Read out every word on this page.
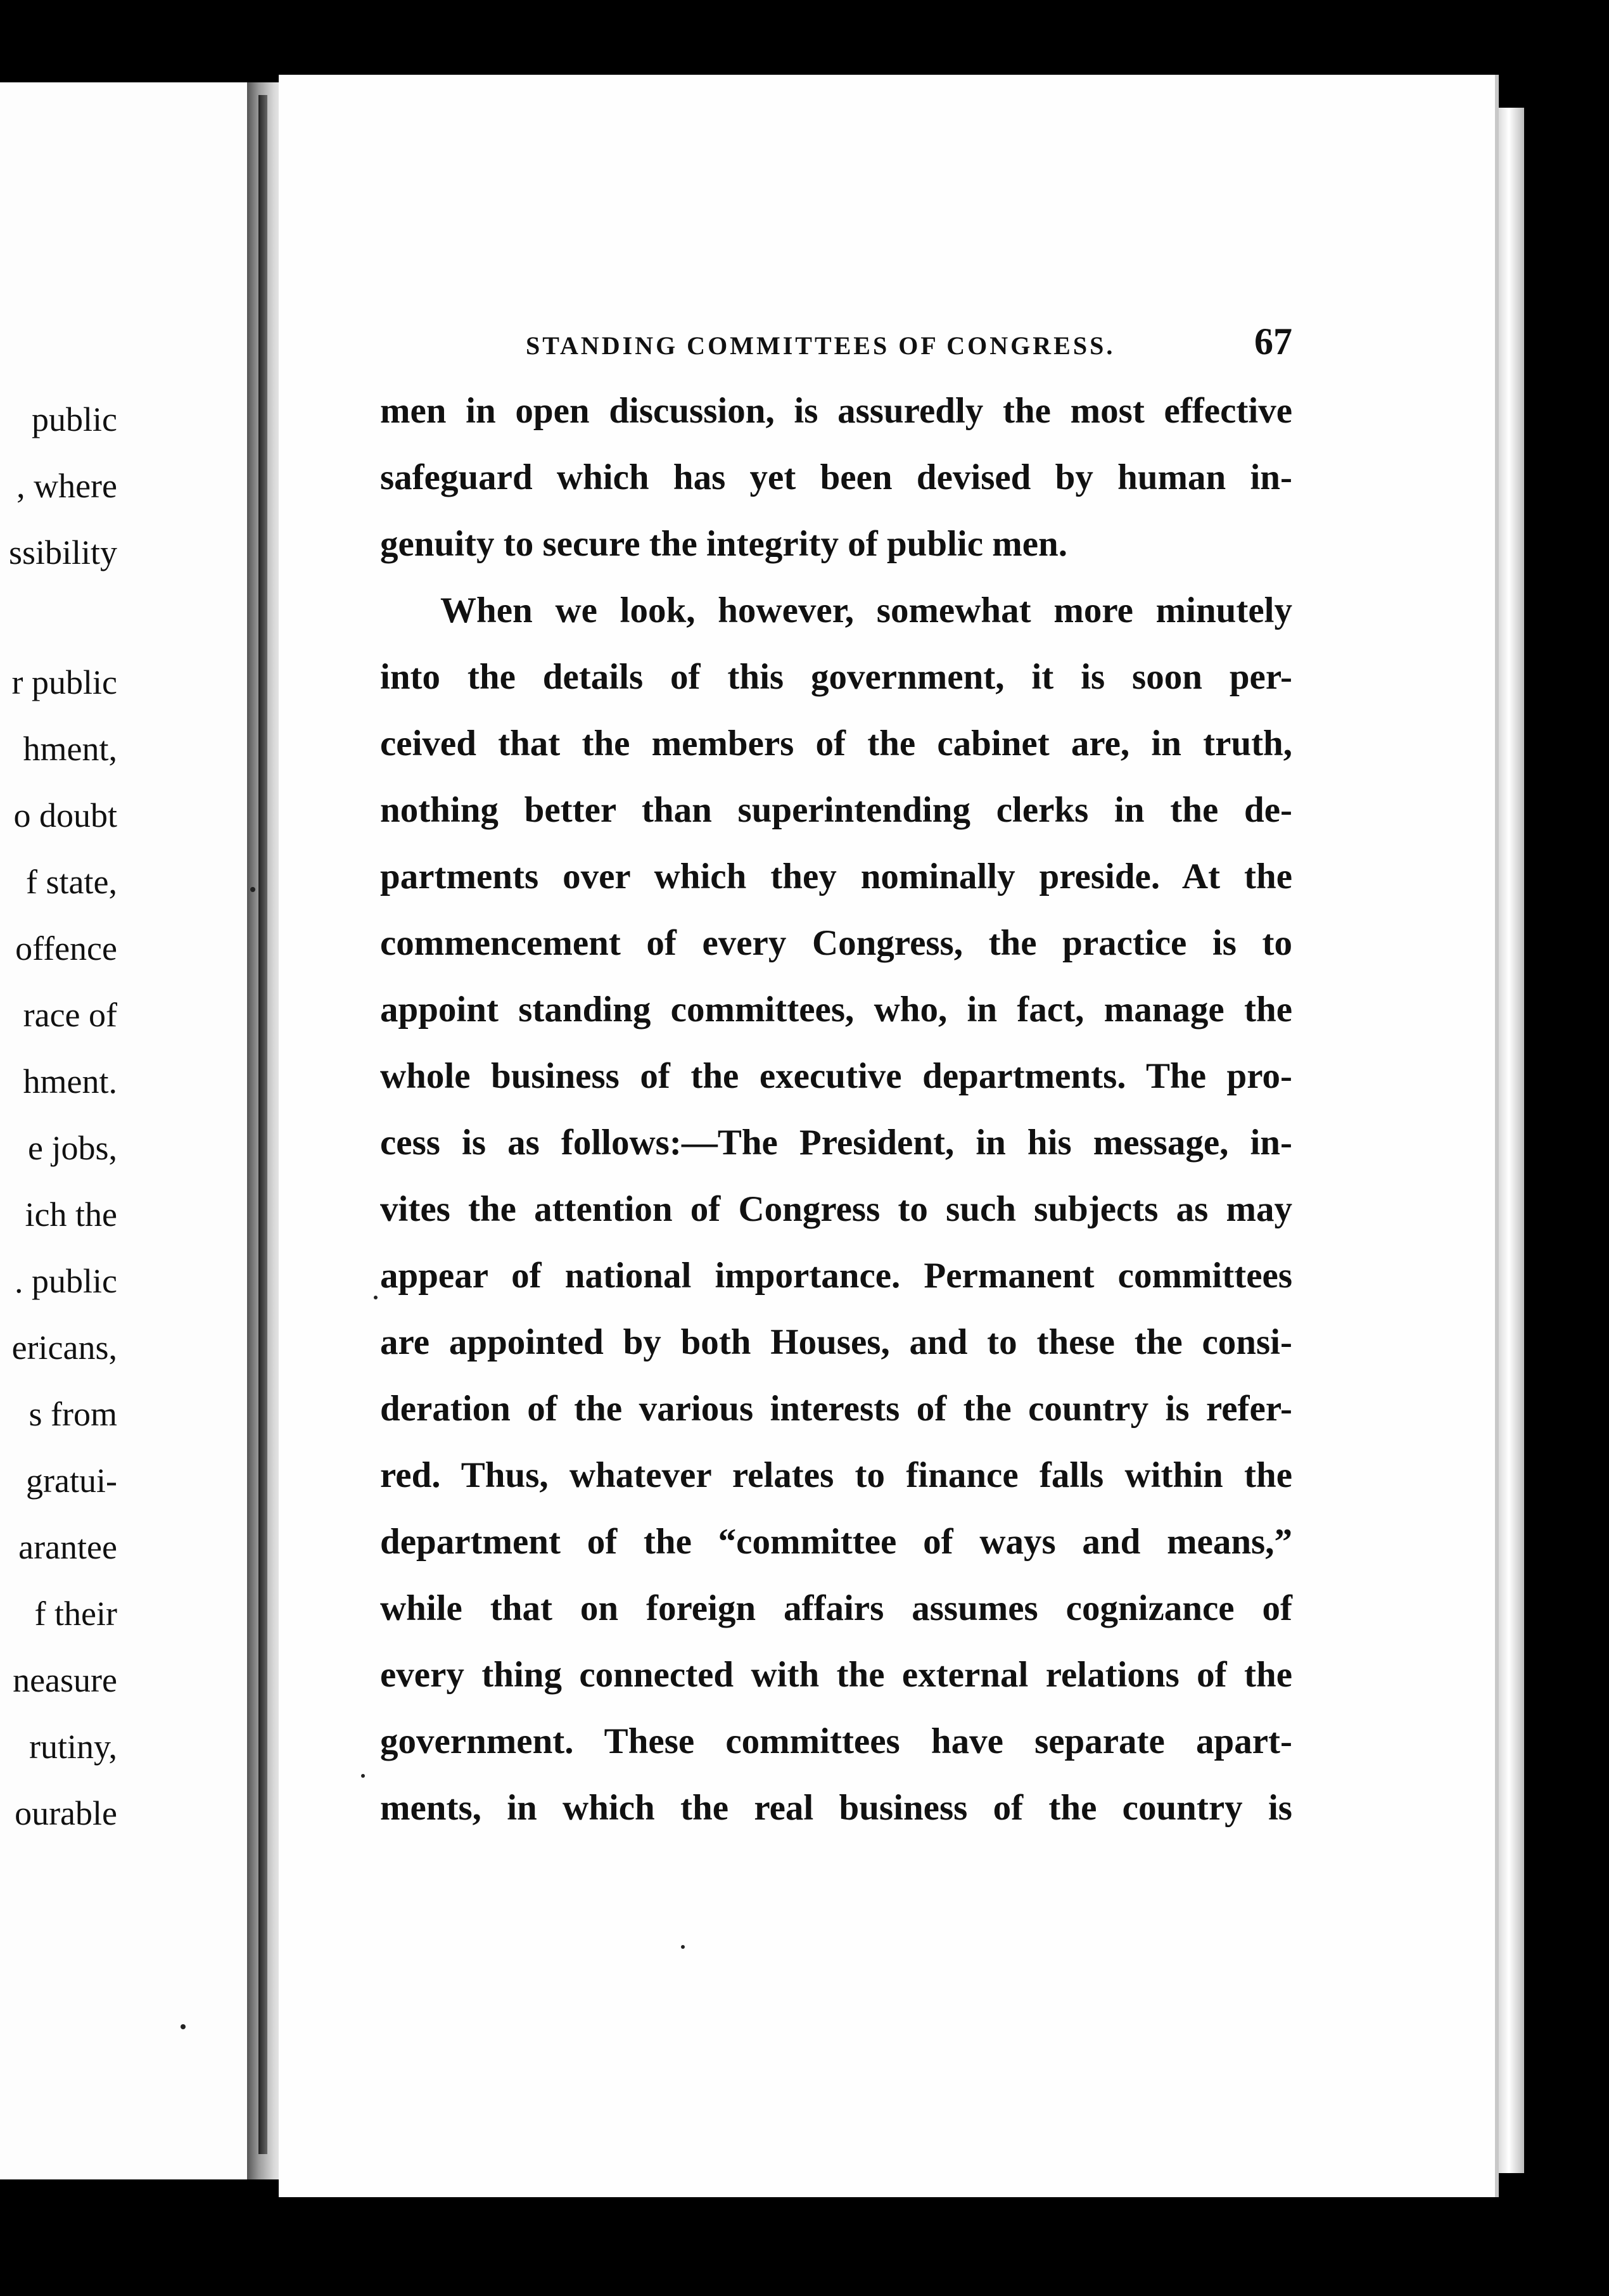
public
, where
ssibility
r public
hment,
o doubt
f state,
offence
race of
hment.
e jobs,
ich the
. public
ericans,
s from
gratui-
arantee
f their
neasure
rutiny,
ourable
STANDING COMMITTEES OF CONGRESS.	67
men in open discussion, is assuredly the most effective
safeguard which has yet been devised by human in-
genuity to secure the integrity of public men.
When we look, however, somewhat more minutely
into the details of this government, it is soon per-
ceived that the members of the cabinet are, in truth,
nothing better than superintending clerks in the de-
partments over which they nominally preside. At the
commencement of every Congress, the practice is to
appoint standing committees, who, in fact, manage the
whole business of the executive departments. The pro-
cess is as follows:—The President, in his message, in-
vites the attention of Congress to such subjects as may
appear of national importance. Permanent committees
are appointed by both Houses, and to these the consi-
deration of the various interests of the country is refer-
red. Thus, whatever relates to finance falls within the
department of the “committee of ways and means,”
while that on foreign affairs assumes cognizance of
every thing connected with the external relations of the
government. These committees have separate apart-
ments, in which the real business of the country is
